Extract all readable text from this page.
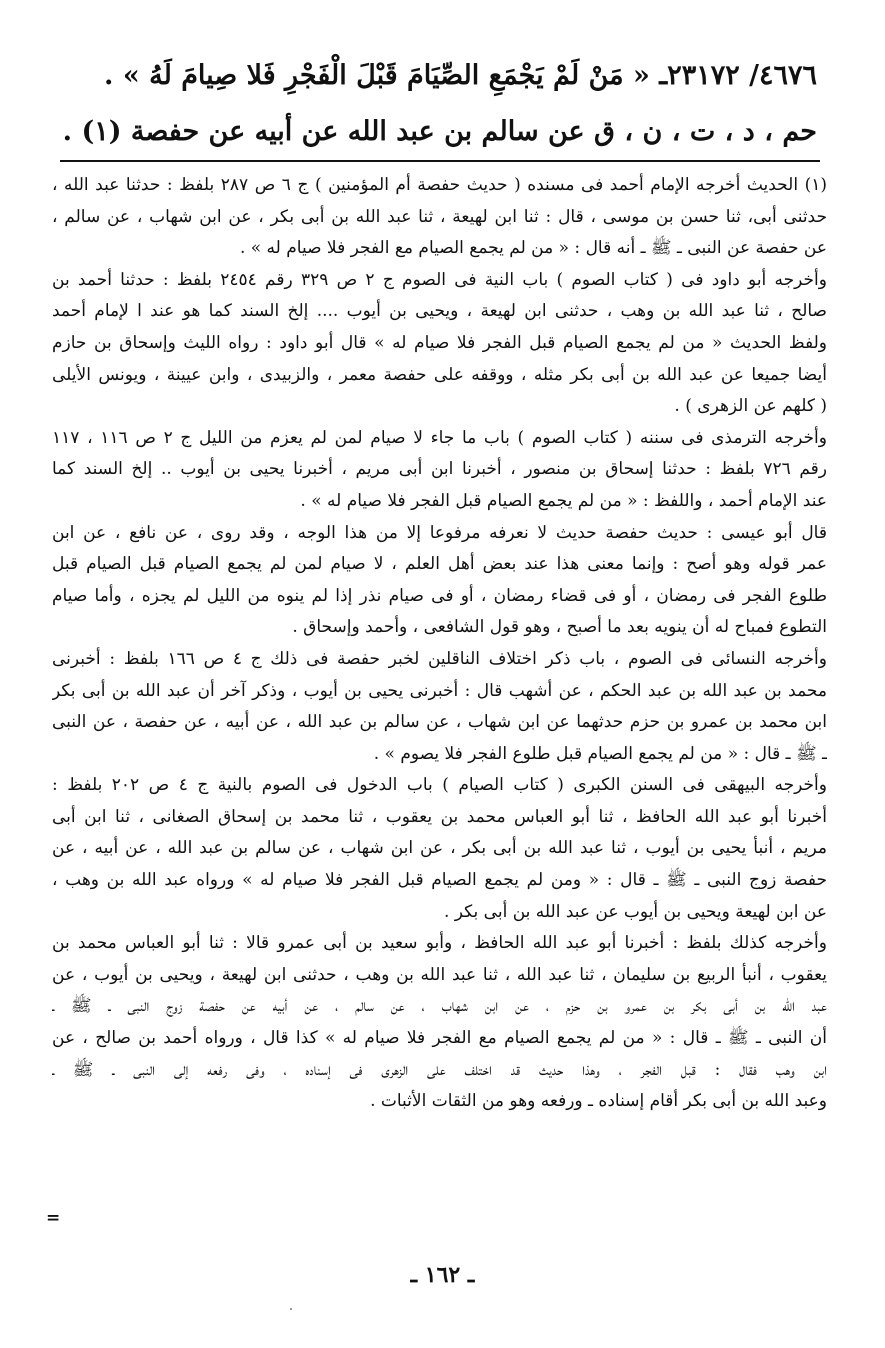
٤٦٧٦/ ٢٣١٧٢ـ « مَنْ لَمْ يَجْمَعِ الصِّيَامَ قَبْلَ الْفَجْرِ فَلا صِيامَ لَهُ » .
حم ، د ، ت ، ن ، ق عن سالم بن عبد الله عن أبيه عن حفصة (١) .
(١) الحديث أخرجه الإمام أحمد فى مسنده ( حديث حفصة أم المؤمنين ) ج ٦ ص ٢٨٧ بلفظ : حدثنا عبد الله ،
حدثنى أبى، ثنا حسن بن موسى ، قال : ثنا ابن لهيعة ، ثنا عبد الله بن أبى بكر ، عن ابن شهاب ، عن سالم ،
عن حفصة عن النبى ـ ﷺ ـ أنه قال : « من لم يجمع الصيام مع الفجر فلا صيام له » .
وأخرجه أبو داود فى ( كتاب الصوم ) باب النية فى الصوم ج ٢ ص ٣٢٩ رقم ٢٤٥٤ بلفظ : حدثنا أحمد بن
صالح ، ثنا عبد الله بن وهب ، حدثنى ابن لهيعة ، ويحيى بن أيوب .... إلخ السند كما هو عند ا لإمام أحمد
ولفظ الحديث « من لم يجمع الصيام قبل الفجر فلا صيام له » قال أبو داود : رواه الليث وإسحاق بن حازم
أيضا جميعا عن عبد الله بن أبى بكر مثله ، ووقفه على حفصة معمر ، والزبيدى ، وابن عيينة ، ويونس الأيلى
( كلهم عن الزهرى ) .
وأخرجه الترمذى فى سننه ( كتاب الصوم ) باب ما جاء لا صيام لمن لم يعزم من الليل ج ٢ ص ١١٦ ، ١١٧
رقم ٧٢٦ بلفظ : حدثنا إسحاق بن منصور ، أخبرنا ابن أبى مريم ، أخبرنا يحيى بن أيوب .. إلخ السند كما
عند الإمام أحمد ، واللفظ : « من لم يجمع الصيام قبل الفجر فلا صيام له » .
قال أبو عيسى : حديث حفصة حديث لا نعرفه مرفوعا إلا من هذا الوجه ، وقد روى ، عن نافع ، عن ابن
عمر قوله وهو أصح : وإنما معنى هذا عند بعض أهل العلم ، لا صيام لمن لم يجمع الصيام قبل الصيام قبل
طلوع الفجر فى رمضان ، أو فى قضاء رمضان ، أو فى صيام نذر إذا لم ينوه من الليل لم يجزه ، وأما صيام
التطوع فمباح له أن ينويه بعد ما أصبح ، وهو قول الشافعى ، وأحمد وإسحاق .
وأخرجه النسائى فى الصوم ، باب ذكر اختلاف الناقلين لخبر حفصة فى ذلك ج ٤ ص ١٦٦ بلفظ : أخبرنى
محمد بن عبد الله بن عبد الحكم ، عن أشهب قال : أخبرنى يحيى بن أيوب ، وذكر آخر أن عبد الله بن أبى بكر
ابن محمد بن عمرو بن حزم حدثهما عن ابن شهاب ، عن سالم بن عبد الله ، عن أبيه ، عن حفصة ، عن النبى
ـ ﷺ ـ قال : « من لم يجمع الصيام قبل طلوع الفجر فلا يصوم » .
وأخرجه البيهقى فى السنن الكبرى ( كتاب الصيام ) باب الدخول فى الصوم بالنية ج ٤ ص ٢٠٢ بلفظ :
أخبرنا أبو عبد الله الحافظ ، ثنا أبو العباس محمد بن يعقوب ، ثنا محمد بن إسحاق الصغانى ، ثنا ابن أبى
مريم ، أنبأ يحيى بن أيوب ، ثنا عبد الله بن أبى بكر ، عن ابن شهاب ، عن سالم بن عبد الله ، عن أبيه ، عن
حفصة زوج النبى ـ ﷺ ـ قال : « ومن لم يجمع الصيام قبل الفجر فلا صيام له » ورواه عبد الله بن وهب ،
عن ابن لهيعة ويحيى بن أيوب عن عبد الله بن أبى بكر .
وأخرجه كذلك بلفظ : أخبرنا أبو عبد الله الحافظ ، وأبو سعيد بن أبى عمرو قالا : ثنا أبو العباس محمد بن
يعقوب ، أنبأ الربيع بن سليمان ، ثنا عبد الله ، ثنا عبد الله بن وهب ، حدثنى ابن لهيعة ، ويحيى بن أيوب ، عن
عبد الله بن أبى بكر بن عمرو بن حزم ، عن ابن شهاب ، عن سالم ، عن أبيه عن حفصة زوج النبى ـ ﷺ ـ
أن النبى ـ ﷺ ـ قال : « من لم يجمع الصيام مع الفجر فلا صيام له » كذا قال ، ورواه أحمد بن صالح ، عن
ابن وهب فقال : قبل الفجر ، وهذا حديث قد اختلف على الزهرى فى إسناده ، وفى رفعه إلى النبى ـ ﷺ ـ
وعبد الله بن أبى بكر أقام إسناده ـ ورفعه وهو من الثقات الأثبات .
=
ـ ١٦٢ ـ
